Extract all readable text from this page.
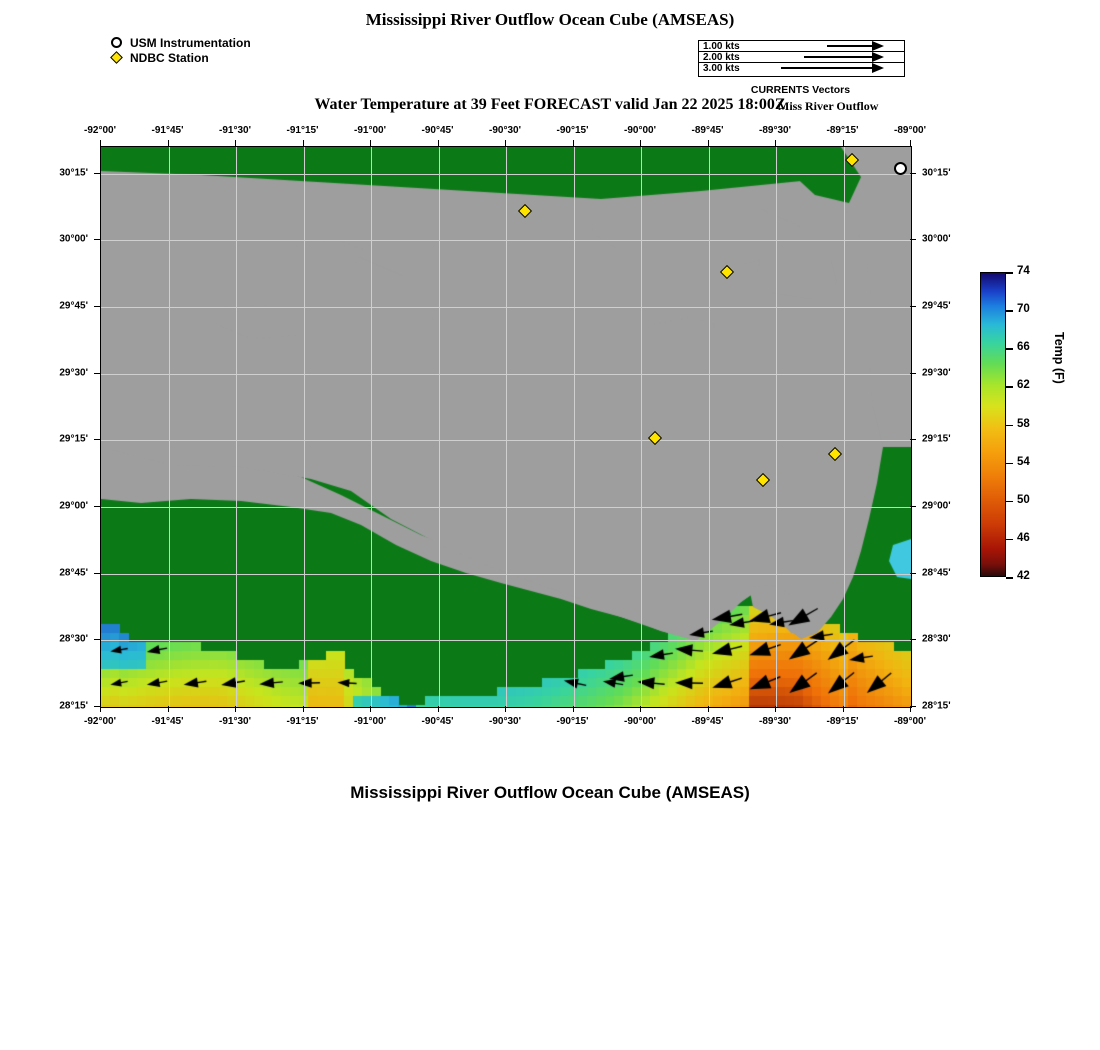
Mississippi River Outflow Ocean Cube (AMSEAS)
USM Instrumentation
NDBC Station
1.00 kts
2.00 kts
3.00 kts
CURRENTS Vectors
Miss River Outflow
Water Temperature at 39 Feet FORECAST valid Jan 22 2025 18:00Z
-92°00'
-92°00'
-91°45'
-91°45'
-91°30'
-91°30'
-91°15'
-91°15'
-91°00'
-91°00'
-90°45'
-90°45'
-90°30'
-90°30'
-90°15'
-90°15'
-90°00'
-90°00'
-89°45'
-89°45'
-89°30'
-89°30'
-89°15'
-89°15'
-89°00'
-89°00'
30°15'	30°15'
30°00'	30°00'
29°45'	29°45'
29°30'	29°30'
29°15'	29°15'
29°00'	29°00'
28°45'	28°45'
28°30'	28°30'
28°15'	28°15'
Temp (F)
74
70
66
62
58
54
50
46
42
Mississippi River Outflow Ocean Cube (AMSEAS)
